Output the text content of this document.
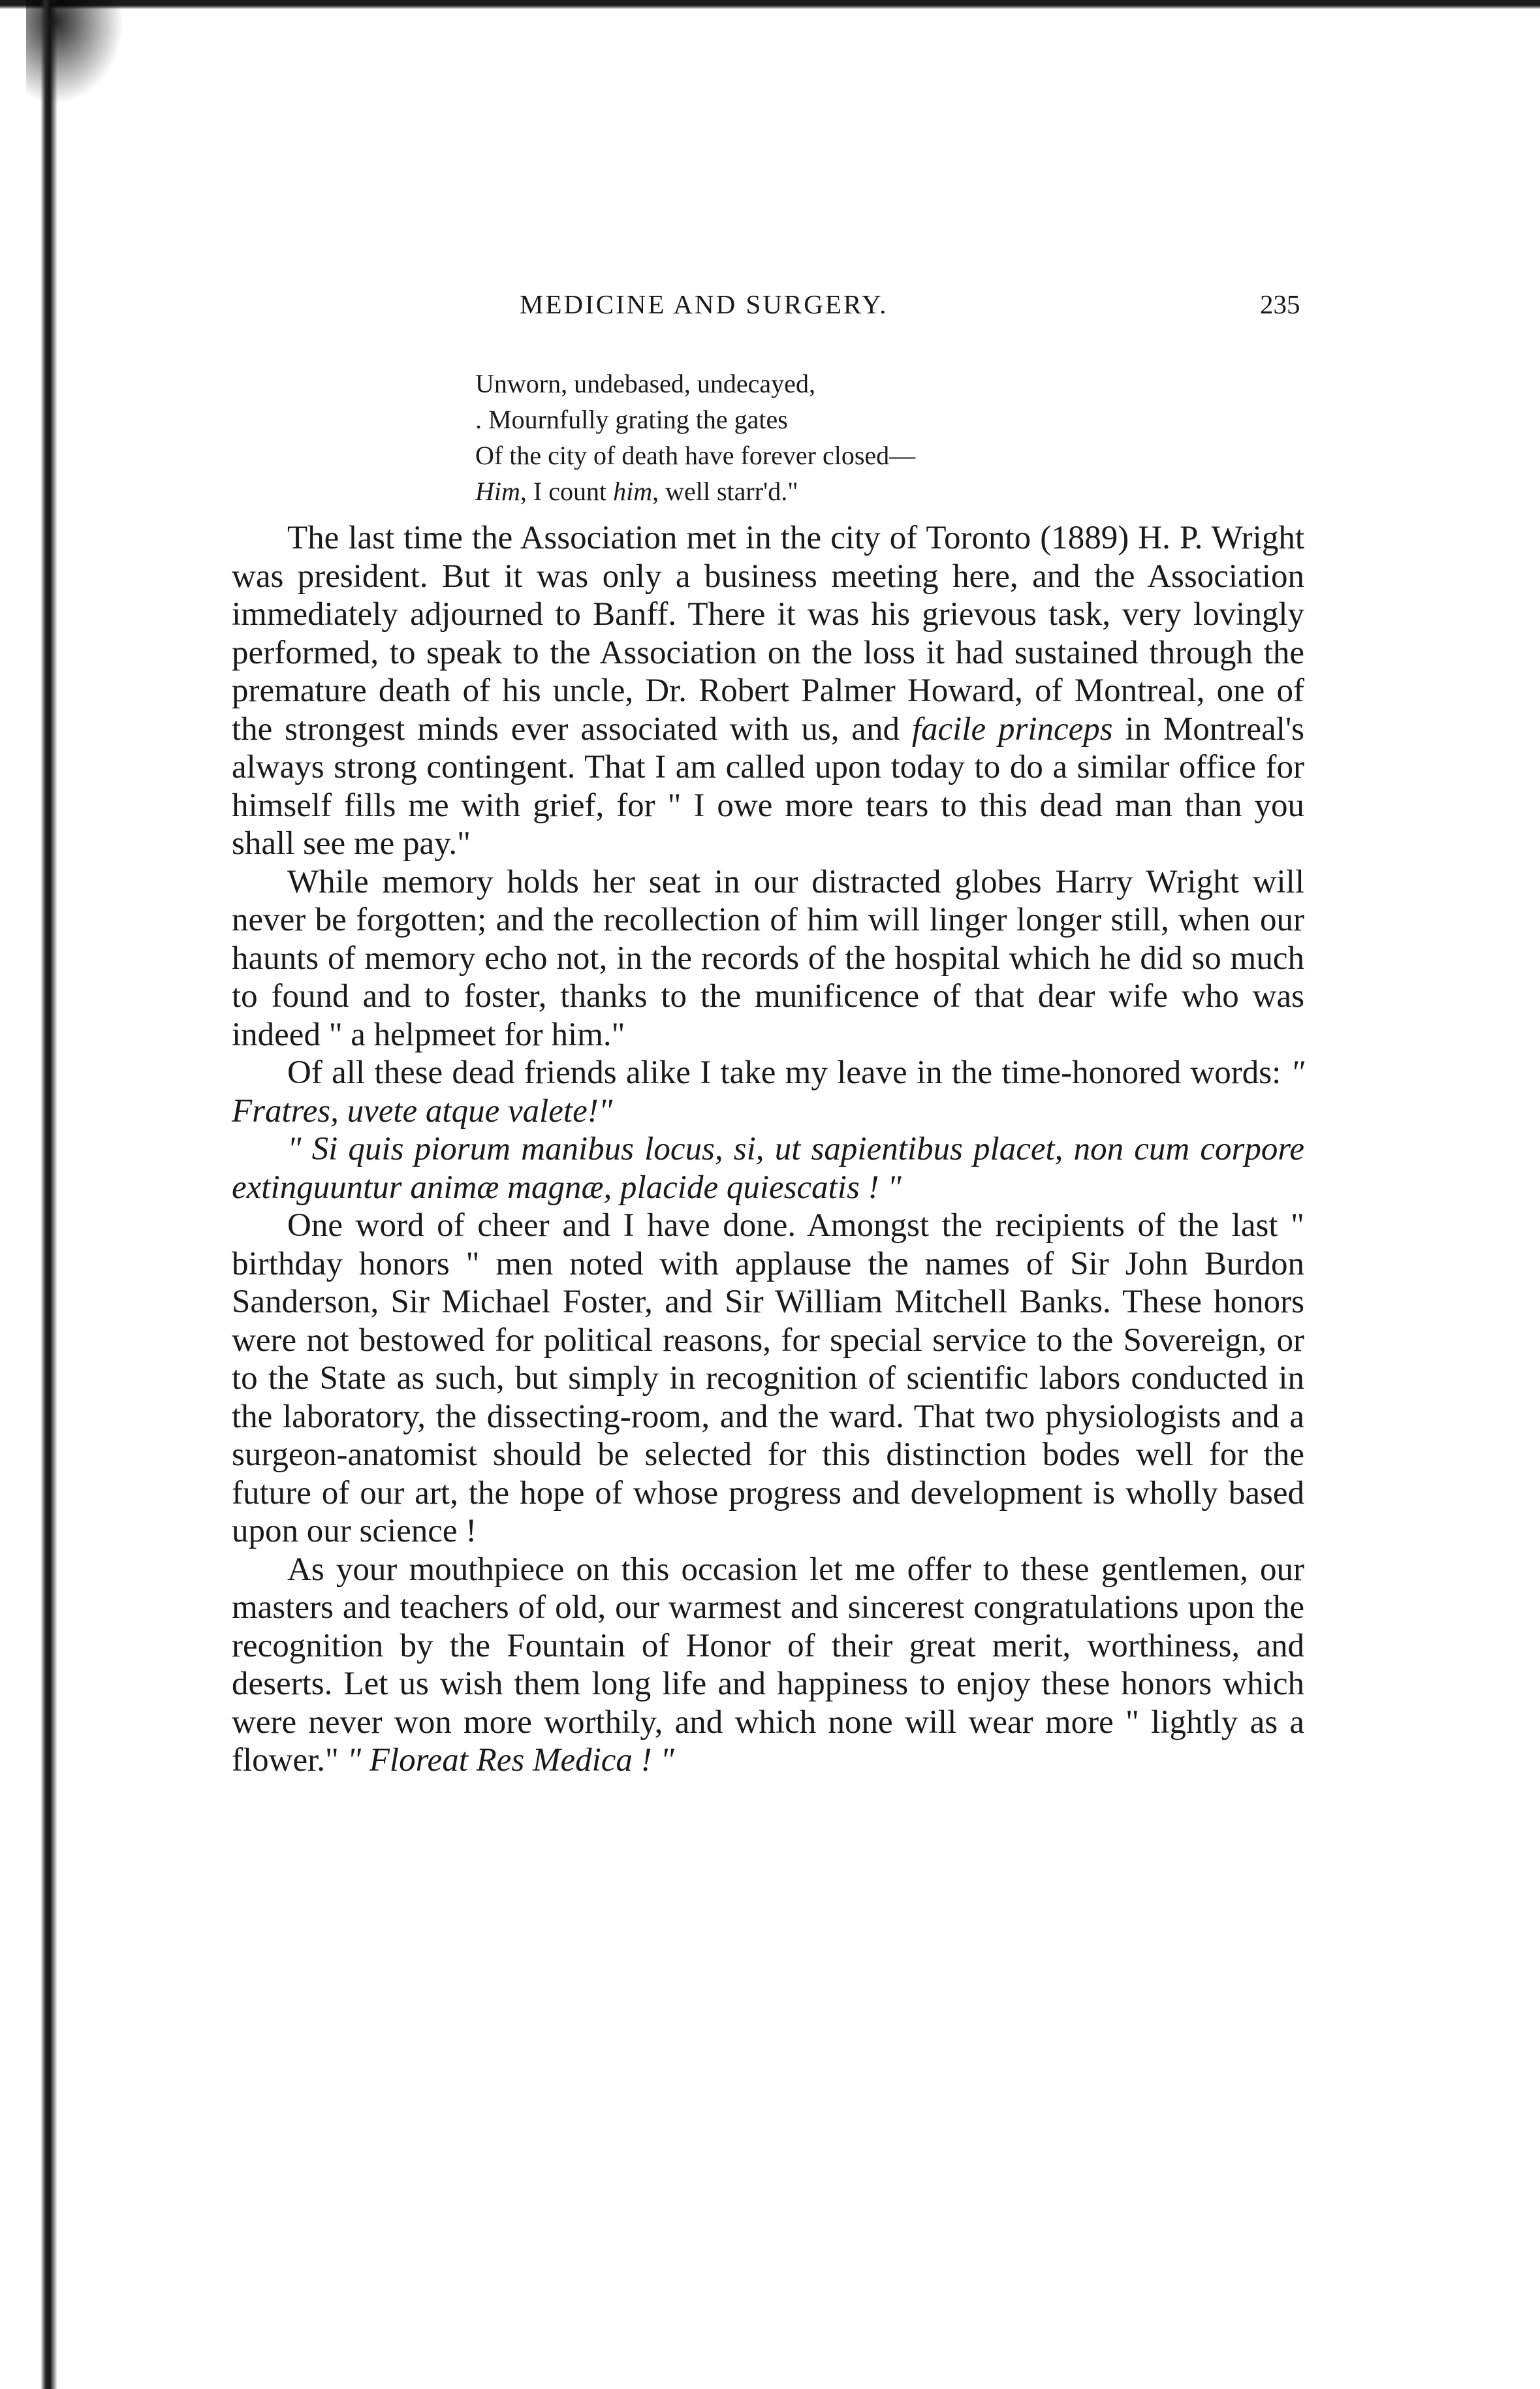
MEDICINE AND SURGERY.	235
Unworn, undebased, undecayed,
. Mournfully grating the gates
Of the city of death have forever closed—
Him, I count him, well starr'd."

The last time the Association met in the city of Toronto (1889) H. P. Wright was president. But it was only a business meeting here, and the Association immediately adjourned to Banff. There it was his grievous task, very lovingly performed, to speak to the Association on the loss it had sustained through the premature death of his uncle, Dr. Robert Palmer Howard, of Montreal, one of the strongest minds ever associated with us, and facile princeps in Montreal's always strong contingent. That I am called upon today to do a similar office for himself fills me with grief, for " I owe more tears to this dead man than you shall see me pay."

While memory holds her seat in our distracted globes Harry Wright will never be forgotten; and the recollection of him will linger longer still, when our haunts of memory echo not, in the records of the hospital which he did so much to found and to foster, thanks to the munificence of that dear wife who was indeed " a helpmeet for him."

Of all these dead friends alike I take my leave in the time-honored words: " Fratres, uvete atque valete!"

" Si quis piorum manibus locus, si, ut sapientibus placet, non cum corpore extinguuntur animæ magnæ, placide quiescatis ! "

One word of cheer and I have done. Amongst the recipients of the last " birthday honors " men noted with applause the names of Sir John Burdon Sanderson, Sir Michael Foster, and Sir William Mitchell Banks. These honors were not bestowed for political reasons, for special service to the Sovereign, or to the State as such, but simply in recognition of scientific labors conducted in the laboratory, the dissecting-room, and the ward. That two physiologists and a surgeon-anatomist should be selected for this distinction bodes well for the future of our art, the hope of whose progress and development is wholly based upon our science !

As your mouthpiece on this occasion let me offer to these gentlemen, our masters and teachers of old, our warmest and sincerest congratulations upon the recognition by the Fountain of Honor of their great merit, worthiness, and deserts. Let us wish them long life and happiness to enjoy these honors which were never won more worthily, and which none will wear more " lightly as a flower." " Floreat Res Medica ! "
